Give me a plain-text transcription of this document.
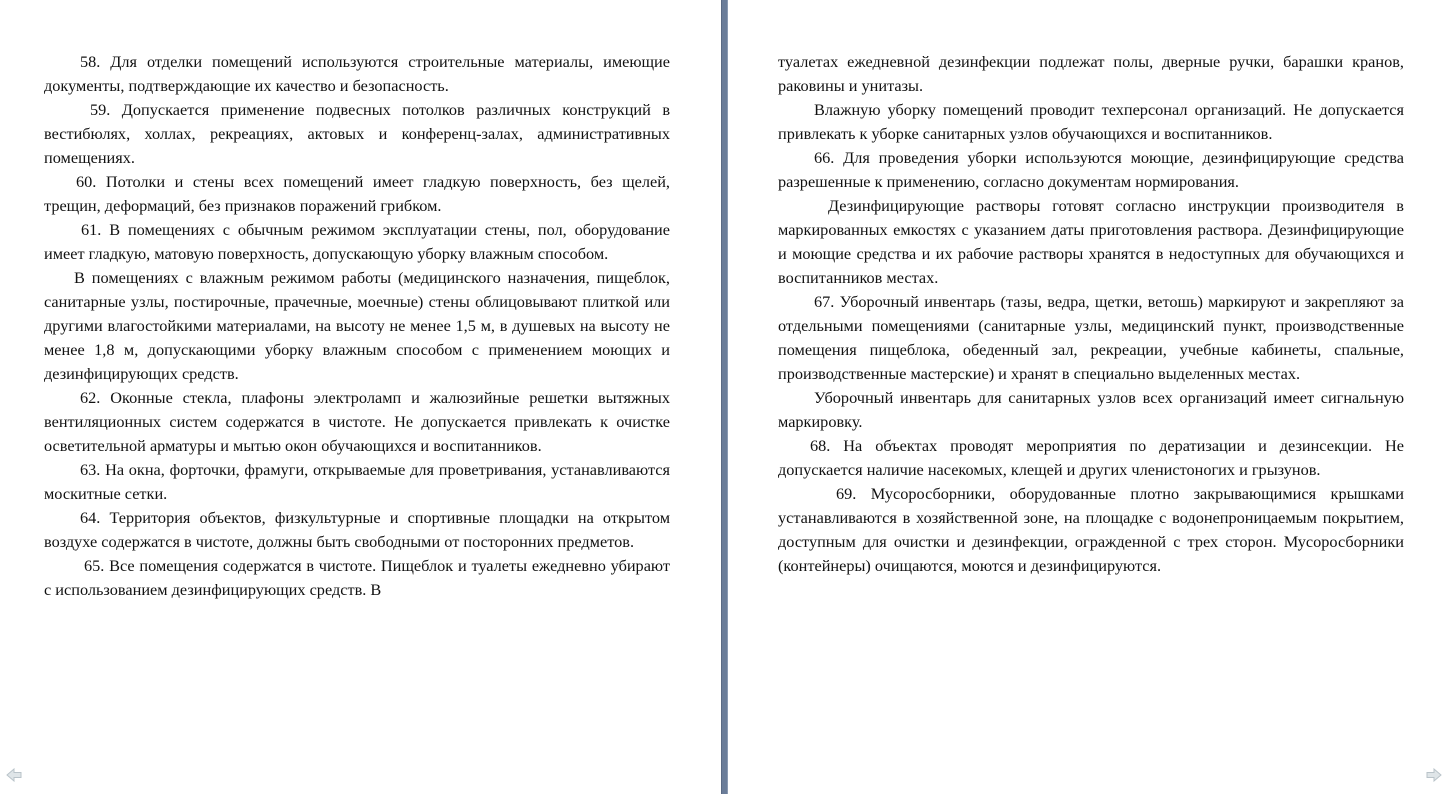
58. Для отделки помещений используются строительные материалы, имеющие документы, подтверждающие их качество и безопасность.

59. Допускается применение подвесных потолков различных конструкций в вестибюлях, холлах, рекреациях, актовых и конференц-залах, административных помещениях.

60. Потолки и стены всех помещений имеет гладкую поверхность, без щелей, трещин, деформаций, без признаков поражений грибком.

61. В помещениях с обычным режимом эксплуатации стены, пол, оборудование имеет гладкую, матовую поверхность, допускающую уборку влажным способом.

В помещениях с влажным режимом работы (медицинского назначения, пищеблок, санитарные узлы, постирочные, прачечные, моечные) стены облицовывают плиткой или другими влагостойкими материалами, на высоту не менее 1,5 м, в душевых на высоту не менее 1,8 м, допускающими уборку влажным способом с применением моющих и дезинфицирующих средств.

62. Оконные стекла, плафоны электроламп и жалюзийные решетки вытяжных вентиляционных систем содержатся в чистоте. Не допускается привлекать к очистке осветительной арматуры и мытью окон обучающихся и воспитанников.

63. На окна, форточки, фрамуги, открываемые для проветривания, устанавливаются москитные сетки.

64. Территория объектов, физкультурные и спортивные площадки на открытом воздухе содержатся в чистоте, должны быть свободными от посторонних предметов.

65. Все помещения содержатся в чистоте. Пищеблок и туалеты ежедневно убирают с использованием дезинфицирующих средств. В

туалетах ежедневной дезинфекции подлежат полы, дверные ручки, барашки кранов, раковины и унитазы.

Влажную уборку помещений проводит техперсонал организаций. Не допускается привлекать к уборке санитарных узлов обучающихся и воспитанников.

66. Для проведения уборки используются моющие, дезинфицирующие средства разрешенные к применению, согласно документам нормирования.

Дезинфицирующие растворы готовят согласно инструкции производителя в маркированных емкостях с указанием даты приготовления раствора. Дезинфицирующие и моющие средства и их рабочие растворы хранятся в недоступных для обучающихся и воспитанников местах.

67. Уборочный инвентарь (тазы, ведра, щетки, ветошь) маркируют и закрепляют за отдельными помещениями (санитарные узлы, медицинский пункт, производственные помещения пищеблока, обеденный зал, рекреации, учебные кабинеты, спальные, производственные мастерские) и хранят в специально выделенных местах.

Уборочный инвентарь для санитарных узлов всех организаций имеет сигнальную маркировку.

68. На объектах проводят мероприятия по дератизации и дезинсекции. Не допускается наличие насекомых, клещей и других членистоногих и грызунов.

69. Мусоросборники, оборудованные плотно закрывающимися крышками устанавливаются в хозяйственной зоне, на площадке с водонепроницаемым покрытием, доступным для очистки и дезинфекции, огражденной с трех сторон. Мусоросборники (контейнеры) очищаются, моются и дезинфицируются.
